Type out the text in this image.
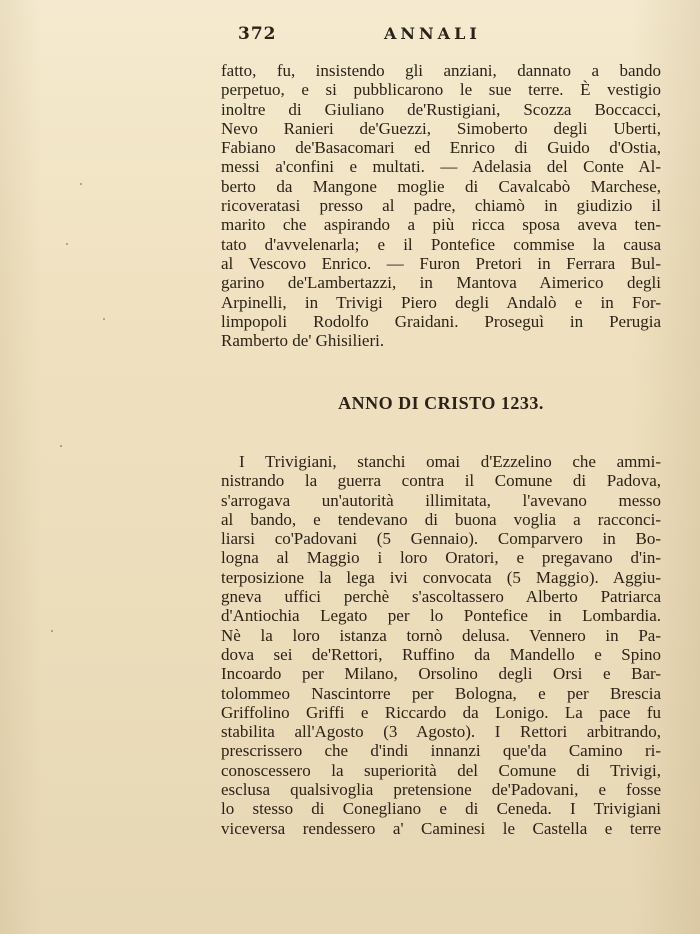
372	ANNALI
fatto, fu, insistendo gli anziani, dannato a bando
perpetuo, e si pubblicarono le sue terre. È vestigio
inoltre di Giuliano de'Rustigiani, Scozza Boccacci,
Nevo Ranieri de'Guezzi, Simoberto degli Uberti,
Fabiano de'Basacomari ed Enrico di Guido d'Ostia,
messi a'confini e multati. — Adelasia del Conte Al-
berto da Mangone moglie di Cavalcabò Marchese,
ricoveratasi presso al padre, chiamò in giudizio il
marito che aspirando a più ricca sposa aveva ten-
tato d'avvelenarla; e il Pontefice commise la causa
al Vescovo Enrico. — Furon Pretori in Ferrara Bul-
garino de'Lambertazzi, in Mantova Aimerico degli
Arpinelli, in Trivigi Piero degli Andalò e in For-
limpopoli Rodolfo Graidani. Proseguì in Perugia
Ramberto de' Ghisilieri.
ANNO DI CRISTO 1233.
I Trivigiani, stanchi omai d'Ezzelino che ammi-
nistrando la guerra contra il Comune di Padova,
s'arrogava un'autorità illimitata, l'avevano messo
al bando, e tendevano di buona voglia a racconci-
liarsi co'Padovani (5 Gennaio). Comparvero in Bo-
logna al Maggio i loro Oratori, e pregavano d'in-
terposizione la lega ivi convocata (5 Maggio). Aggiu-
gneva uffici perchè s'ascoltassero Alberto Patriarca
d'Antiochia Legato per lo Pontefice in Lombardia.
Nè la loro istanza tornò delusa. Vennero in Pa-
dova sei de'Rettori, Ruffino da Mandello e Spino
Incoardo per Milano, Orsolino degli Orsi e Bar-
tolommeo Nascintorre per Bologna, e per Brescia
Griffolino Griffi e Riccardo da Lonigo. La pace fu
stabilita all'Agosto (3 Agosto). I Rettori arbitrando,
prescrissero che d'indi innanzi que'da Camino ri-
conoscessero la superiorità del Comune di Trivigi,
esclusa qualsivoglia pretensione de'Padovani, e fosse
lo stesso di Conegliano e di Ceneda. I Trivigiani
viceversa rendessero a' Caminesi le Castella e terre
